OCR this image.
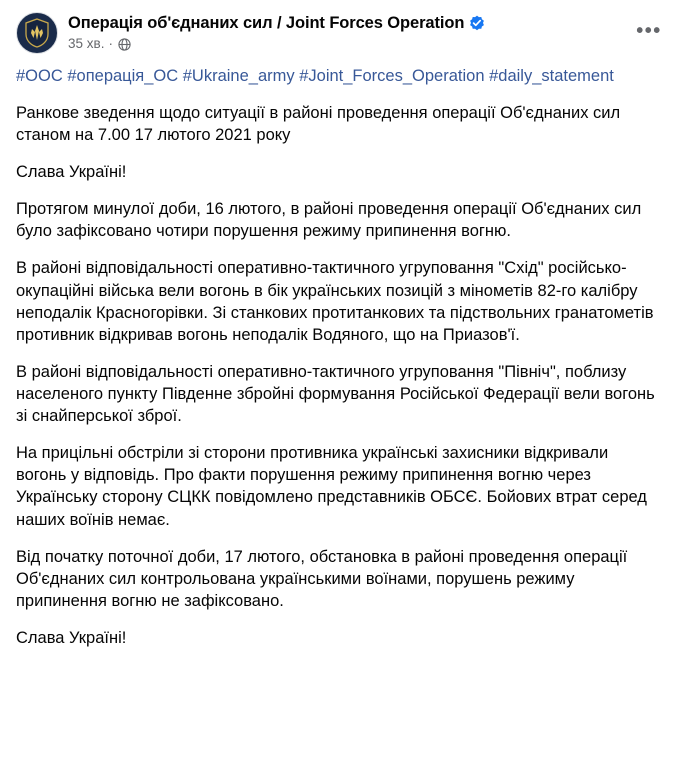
Операція об'єднаних сил / Joint Forces Operation
35 хв. ·
•••
#ООС #операція_ОС #Ukraine_army #Joint_Forces_Operation #daily_statement

Ранкове зведення щодо ситуації в районі проведення операції Об'єднаних сил станом на 7.00 17 лютого 2021 року

Слава Україні!

Протягом минулої доби, 16 лютого, в районі проведення операції Об'єднаних сил було зафіксовано чотири порушення режиму припинення вогню.

В районі відповідальності оперативно-тактичного угруповання "Схід" російсько-окупаційні війська вели вогонь в бік українських позицій з мінометів 82-го калібру неподалік Красногорівки. Зі станкових протитанкових та підствольних гранатометів противник відкривав вогонь неподалік Водяного, що на Приазов'ї.

В районі відповідальності оперативно-тактичного угруповання "Північ", поблизу населеного пункту Південне збройні формування Російської Федерації вели вогонь зі снайперської зброї.

На прицільні обстріли зі сторони противника українські захисники відкривали вогонь у відповідь. Про факти порушення режиму припинення вогню через Українську сторону СЦКК повідомлено представників ОБСЄ. Бойових втрат серед наших воїнів немає.

Від початку поточної доби, 17 лютого, обстановка в районі проведення операції Об'єднаних сил контрольована українськими воїнами, порушень режиму припинення вогню не зафіксовано.

Слава Україні!
